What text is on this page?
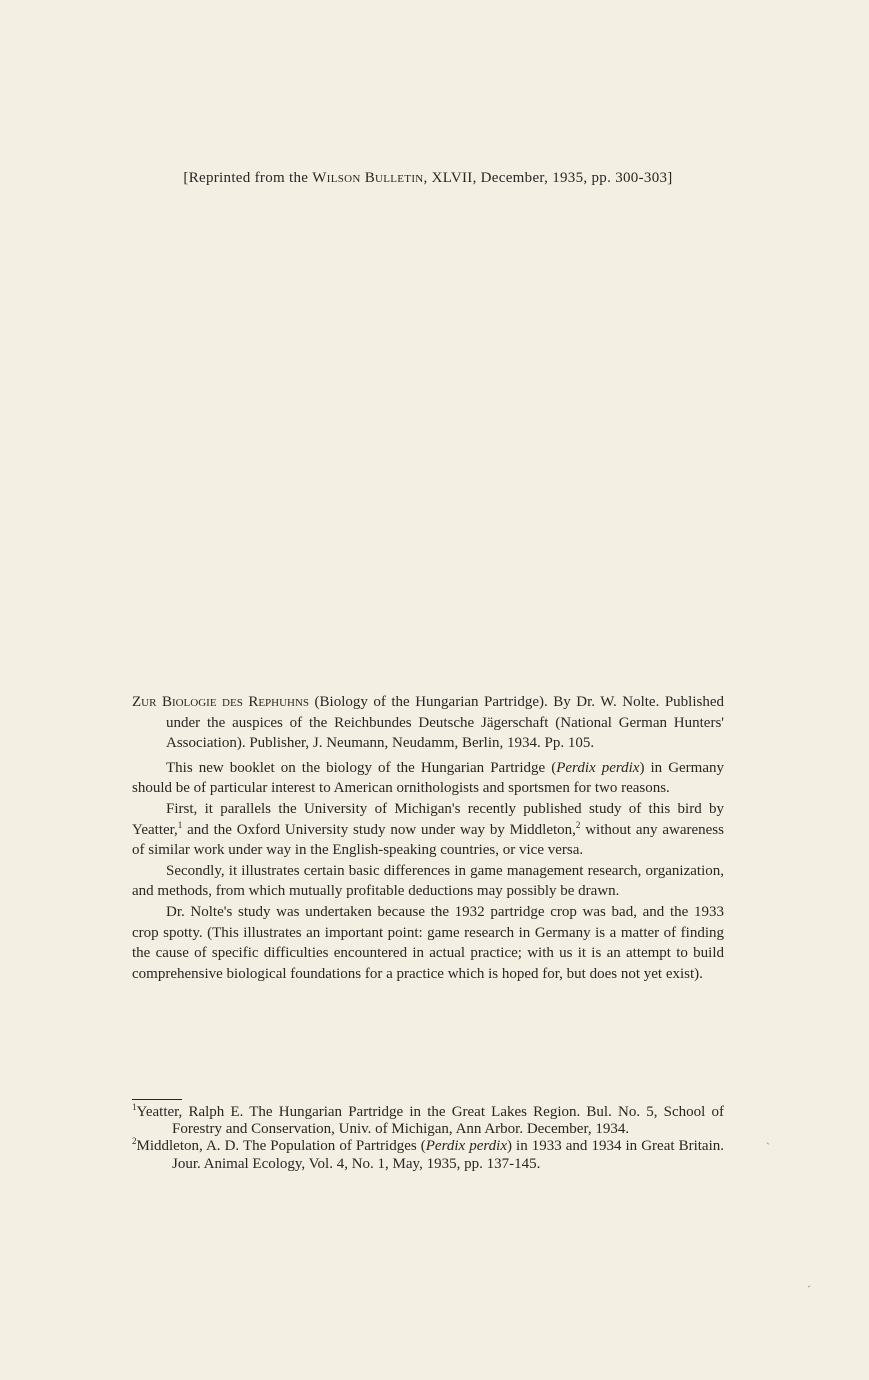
[Reprinted from the Wilson Bulletin, XLVII, December, 1935, pp. 300-303]

Zur Biologie des Rephuhns (Biology of the Hungarian Partridge). By Dr. W. Nolte. Published under the auspices of the Reichbundes Deutsche Jägerschaft (National German Hunters' Association). Publisher, J. Neumann, Neudamm, Berlin, 1934. Pp. 105.

This new booklet on the biology of the Hungarian Partridge (Perdix perdix) in Germany should be of particular interest to American ornithologists and sportsmen for two reasons.

First, it parallels the University of Michigan's recently published study of this bird by Yeatter,$^1$ and the Oxford University study now under way by Middleton,$^2$ without any awareness of similar work under way in the English-speaking countries, or vice versa.

Secondly, it illustrates certain basic differences in game management research, organization, and methods, from which mutually profitable deductions may possibly be drawn.

Dr. Nolte's study was undertaken because the 1932 partridge crop was bad, and the 1933 crop spotty. (This illustrates an important point: game research in Germany is a matter of finding the cause of specific difficulties encountered in actual practice; with us it is an attempt to build comprehensive biological foundations for a practice which is hoped for, but does not yet exist).

$^1$Yeatter, Ralph E. The Hungarian Partridge in the Great Lakes Region. Bul. No. 5, School of Forestry and Conservation, Univ. of Michigan, Ann Arbor. December, 1934.

$^2$Middleton, A. D. The Population of Partridges (Perdix perdix) in 1933 and 1934 in Great Britain. Jour. Animal Ecology, Vol. 4, No. 1, May, 1935, pp. 137-145.

ˋ
ˊ
